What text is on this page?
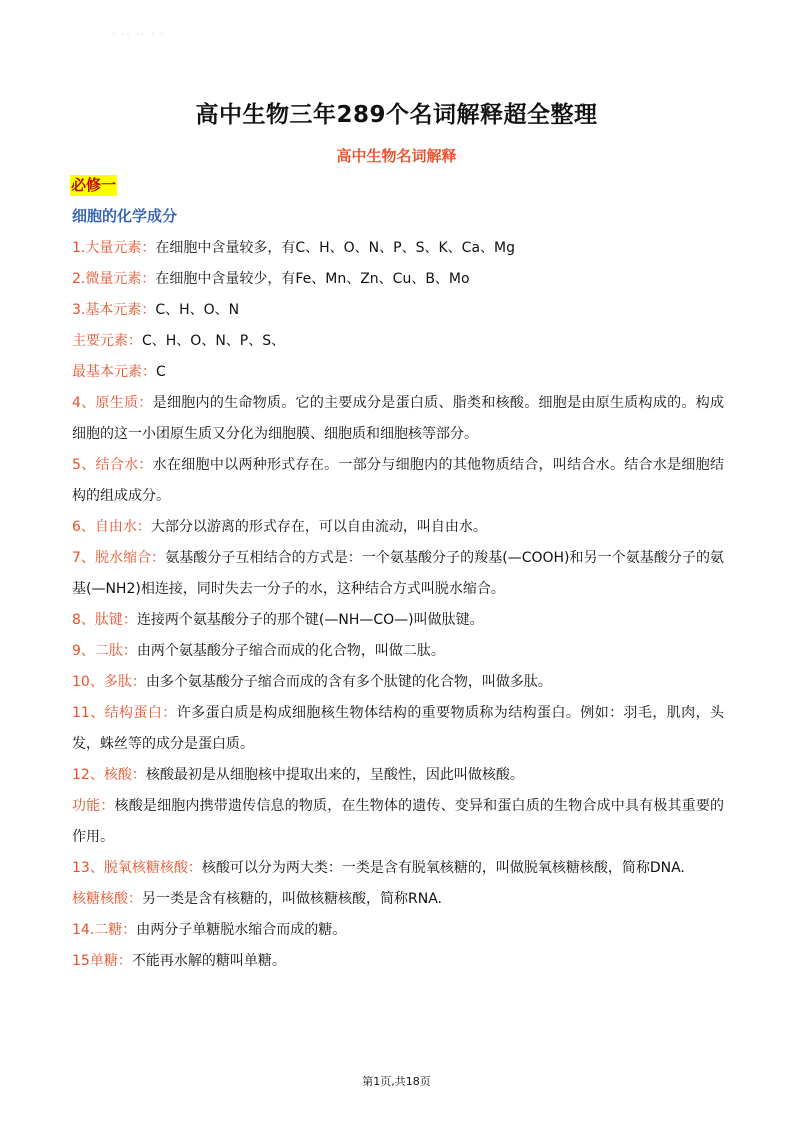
· ·· ·· · ·
高中生物三年289个名词解释超全整理
高中生物名词解释
必修一
细胞的化学成分
1.大量元素：在细胞中含量较多，有C、H、O、N、P、S、K、Ca、Mg
2.微量元素：在细胞中含量较少，有Fe、Mn、Zn、Cu、B、Mo
3.基本元素：C、H、O、N
主要元素：C、H、O、N、P、S、
最基本元素：C
4、原生质：是细胞内的生命物质。它的主要成分是蛋白质、脂类和核酸。细胞是由原生质构成的。构成细胞的这一小团原生质又分化为细胞膜、细胞质和细胞核等部分。
5、结合水：水在细胞中以两种形式存在。一部分与细胞内的其他物质结合，叫结合水。结合水是细胞结构的组成成分。
6、自由水：大部分以游离的形式存在，可以自由流动，叫自由水。
7、脱水缩合：氨基酸分子互相结合的方式是：一个氨基酸分子的羧基(—COOH)和另一个氨基酸分子的氨基(—NH2)相连接，同时失去一分子的水，这种结合方式叫脱水缩合。
8、肽键：连接两个氨基酸分子的那个键(—NH—CO—)叫做肽键。
9、二肽：由两个氨基酸分子缩合而成的化合物，叫做二肽。
10、多肽：由多个氨基酸分子缩合而成的含有多个肽键的化合物，叫做多肽。
11、结构蛋白：许多蛋白质是构成细胞核生物体结构的重要物质称为结构蛋白。例如：羽毛，肌肉，头发，蛛丝等的成分是蛋白质。
12、核酸：核酸最初是从细胞核中提取出来的，呈酸性，因此叫做核酸。
功能：核酸是细胞内携带遗传信息的物质，在生物体的遗传、变异和蛋白质的生物合成中具有极其重要的作用。
13、脱氧核糖核酸：核酸可以分为两大类：一类是含有脱氧核糖的，叫做脱氧核糖核酸，简称DNA.
核糖核酸：另一类是含有核糖的，叫做核糖核酸，简称RNA.
14.二糖：由两分子单糖脱水缩合而成的糖。
15单糖：不能再水解的糖叫单糖。
第1页,共18页
